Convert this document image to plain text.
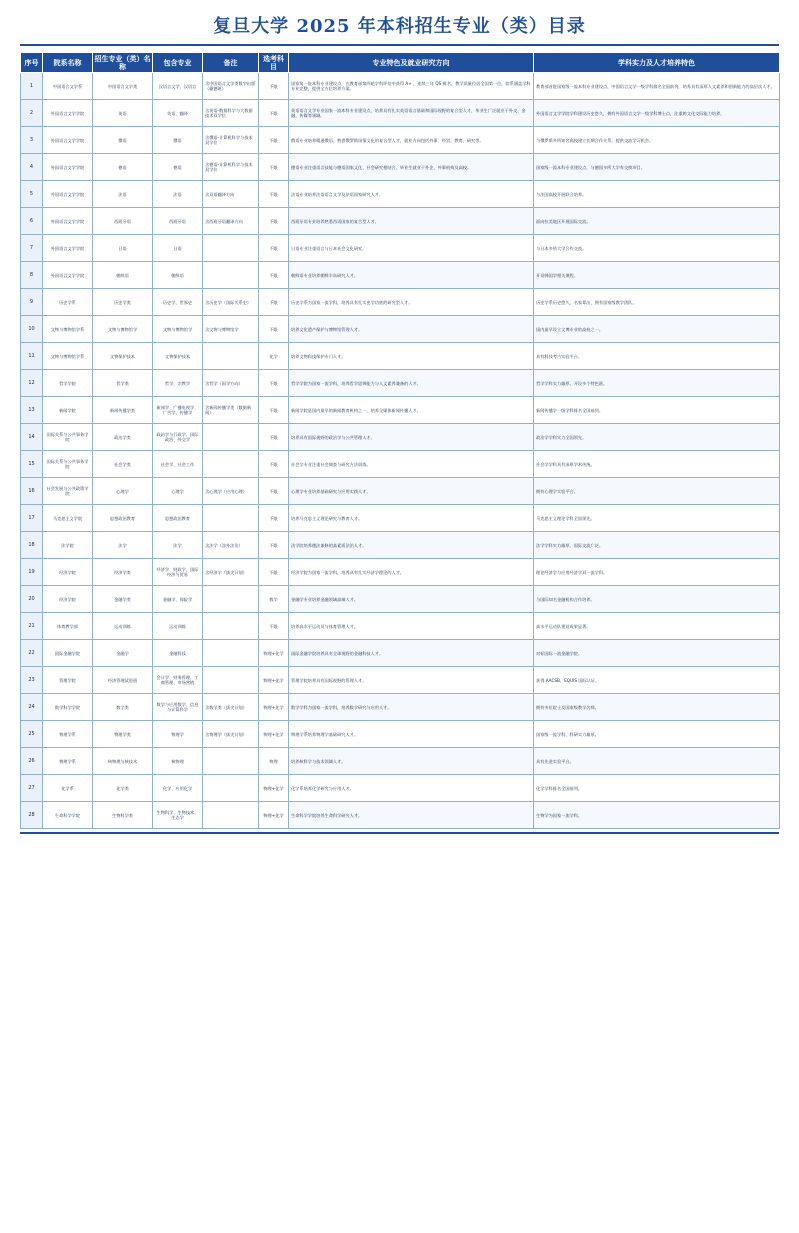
复旦大学 2025 年本科招生专业（类）目录
序号	院系名称	招生专业（类）名称	包含专业	备注	选考科目	专业特色及就业研究方向	学科实力及人才培养特色
1	中国语言文学系	中国语言文学类	汉语言文学、汉语言	含中国语言文学类数字出版（戴德班）	不限	国家第一批本科专业建设点，在教育部第四轮学科评估中获得 A+ ，连续三年 QS 排名、教学质量位居全国第一位，院系涵盖学科专业完整，提供全方位培养方案。	教育部首批国家级一流本科专业建设点，中国语言文学一级学科排名全国前列，培养具有深厚人文素养和创新能力的高层次人才。
2	外国语言文学学院	英语	英语、翻译	含英语-数据科学与大数据技术双学位	不限	英语语言文学专业国家一流本科专业建设点，培养具有扎实英语语言基础和国际视野的复合型人才，毕业生广泛就业于外交、金融、传媒等领域。	外国语言文学学院学科建设历史悠久，拥有外国语言文学一级学科博士点，注重跨文化交际能力培养。
3	外国语言文学学院	俄语	俄语	含俄语-计算机科学与技术双学位	不限	俄语专业培养精通俄语、熟悉俄罗斯国情文化的复合型人才，就业方向包括外事、经贸、教育、研究等。	与俄罗斯多所知名高校建立长期合作关系，提供交流学习机会。
4	外国语言文学学院	德语	德语	含德语-计算机科学与技术双学位	不限	德语专业注重语言技能与德语国家文化、社会研究相结合，毕业生就业于外企、外事机构及高校。	国家级一流本科专业建设点，与德国多所大学有交换项目。
5	外国语言文学学院	法语	法语	含双语翻译方向	不限	法语专业培养法语语言文学及法语国家研究人才。	与法国高校开展联合培养。
6	外国语言文学学院	西班牙语	西班牙语	含西班牙语翻译方向	不限	西班牙语专业培养熟悉西语国家的复合型人才。	面向拉美地区开展国际交流。
7	外国语言文学学院	日语	日语		不限	日语专业注重语言与日本社会文化研究。	与日本多所大学合作交流。
8	外国语言文学学院	朝鲜语	朝鲜语		不限	朝鲜语专业培养朝鲜半岛研究人才。	开设韩国学相关课程。
9	历史学系	历史学类	历史学、世界史	含历史学（国际关系史）	不限	历史学系为国家一流学科，培养具有扎实史学功底的研究型人才。	历史学系历史悠久，名家辈出，拥有国家级教学团队。
10	文物与博物馆学系	文物与博物馆学	文物与博物馆学	含文物与博物馆学	不限	培养文化遗产保护与博物馆管理人才。	国内最早设立文博专业的高校之一。
11	文物与博物馆学系	文物保护技术	文物保护技术		化学	培养文物科技保护专门人才。	具有科技考古实验平台。
12	哲学学院	哲学类	哲学、宗教学	含哲学（国学方向）	不限	哲学学院为国家一流学科，培养哲学思辨能力与人文素养兼备的人才。	哲学学科实力雄厚，开设多个特色班。
13	新闻学院	新闻传播学类	新闻学、广播电视学、广告学、传播学	含新闻传播学类（数据新闻）	不限	新闻学院是国内最早的新闻教育机构之一，培养全媒体新闻传播人才。	新闻传播学一级学科排名全国前列。
14	国际关系与公共事务学院	政治学类	政治学与行政学、国际政治、外交学		不限	培养具有国际视野的政治学与公共管理人才。	政治学学科实力全国领先。
15	国际关系与公共事务学院	社会学类	社会学、社会工作		不限	社会学专业注重社会调查与研究方法训练。	社会学学科具有深厚学术传统。
16	社会发展与公共政策学院	心理学	心理学	含心理学（应用心理）	不限	心理学专业培养基础研究与应用实践人才。	拥有心理学实验平台。
17	马克思主义学院	思想政治教育	思想政治教育		不限	培养马克思主义理论研究与教育人才。	马克思主义理论学科全国领先。
18	法学院	法学	法学	含法学（涉外法治）	不限	法学院培养德法兼修的高素质法治人才。	法学学科实力雄厚，国际交流广泛。
19	经济学院	经济学类	经济学、财政学、国际经济与贸易	含经济学（拔尖计划）	不限	经济学院为国家一流学科，培养具有扎实经济学理论的人才。	理论经济学与应用经济学双一流学科。
20	经济学院	金融学类	金融学、保险学		数学	金融学专业培养金融领域高端人才。	与国际知名金融机构合作培养。
21	体育教学部	运动训练	运动训练		不限	培养高水平运动员与体育管理人才。	高水平运动队建设成果显著。
22	国际金融学院	金融学	金融科技		物理+化学	国际金融学院培养具有全球视野的金融科技人才。	对标国际一流金融学院。
23	管理学院	经济管理试验班	会计学、财务管理、工商管理、市场营销		物理+化学	管理学院培养具有国际视野的管理人才。	获得 AACSB、EQUIS 国际认证。
24	数学科学学院	数学类	数学与应用数学、信息与计算科学	含数学类（拔尖计划）	物理+化学	数学学科为国家一流学科，培养数学研究与应用人才。	拥有多位院士及国家级教学名师。
25	物理学系	物理学类	物理学	含物理学（拔尖计划）	物理+化学	物理学系培养物理学基础研究人才。	国家级一流学科，科研实力雄厚。
26	物理学系	核物理与核技术	核物理		物理	培养核科学与技术领域人才。	具有先进实验平台。
27	化学系	化学类	化学、应用化学		物理+化学	化学系培养化学研究与应用人才。	化学学科排名全国前列。
28	生命科学学院	生物科学类	生物科学、生物技术、生态学		物理+化学	生命科学学院培养生命科学研究人才。	生物学为国家一流学科。
